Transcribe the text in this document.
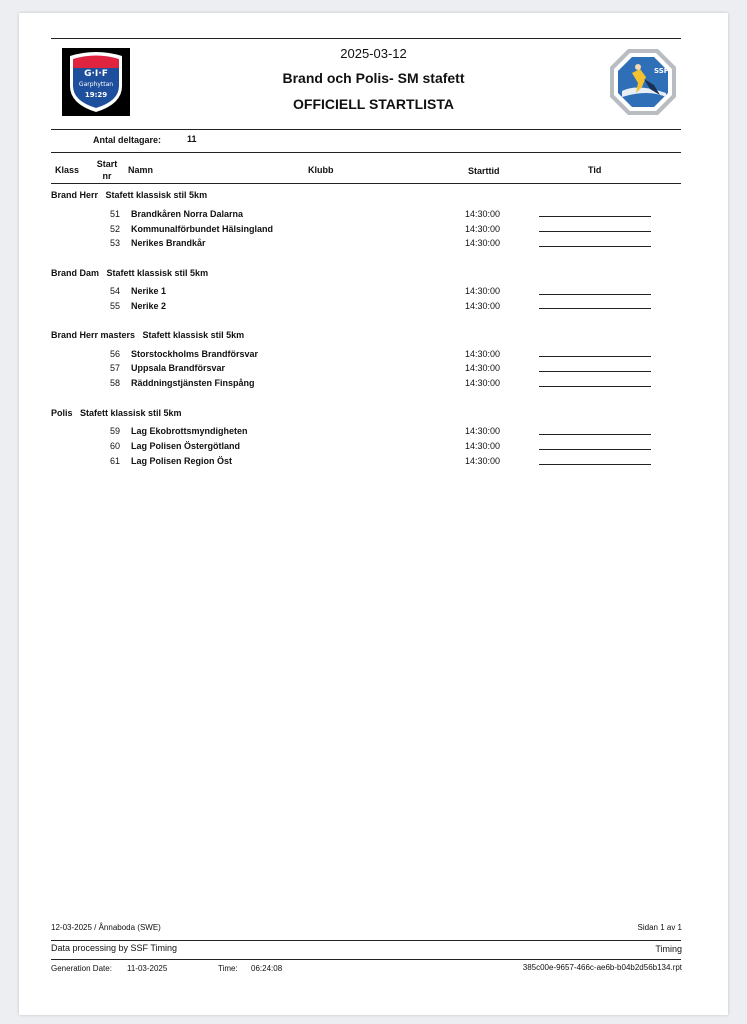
G·I·F
Garphyttan
19:29
SSF
2025-03-12
Brand och Polis- SM stafett
OFFICIELL STARTLISTA
Antal deltagare:	11
Klass
Start
nr
Namn	Klubb	Starttid	Tid
Brand Herr   Stafett klassisk stil 5km
51 Brandkåren Norra Dalarna	14:30:00
52 Kommunalförbundet Hälsingland	14:30:00
53 Nerikes Brandkår	14:30:00
Brand Dam   Stafett klassisk stil 5km
54 Nerike 1	14:30:00
55 Nerike 2	14:30:00
Brand Herr masters   Stafett klassisk stil 5km
56 Storstockholms Brandförsvar	14:30:00
57 Uppsala Brandförsvar	14:30:00
58 Räddningstjänsten Finspång	14:30:00
Polis   Stafett klassisk stil 5km
59 Lag Ekobrottsmyndigheten	14:30:00
60 Lag Polisen Östergötland	14:30:00
61 Lag Polisen Region Öst	14:30:00
12-03-2025 / Ånnaboda (SWE)	Sidan 1 av 1
Data processing by SSF Timing	Timing
Generation Date: 11-03-2025	Time: 06:24:08	385c00e-9657-466c-ae6b-b04b2d56b134.rpt
